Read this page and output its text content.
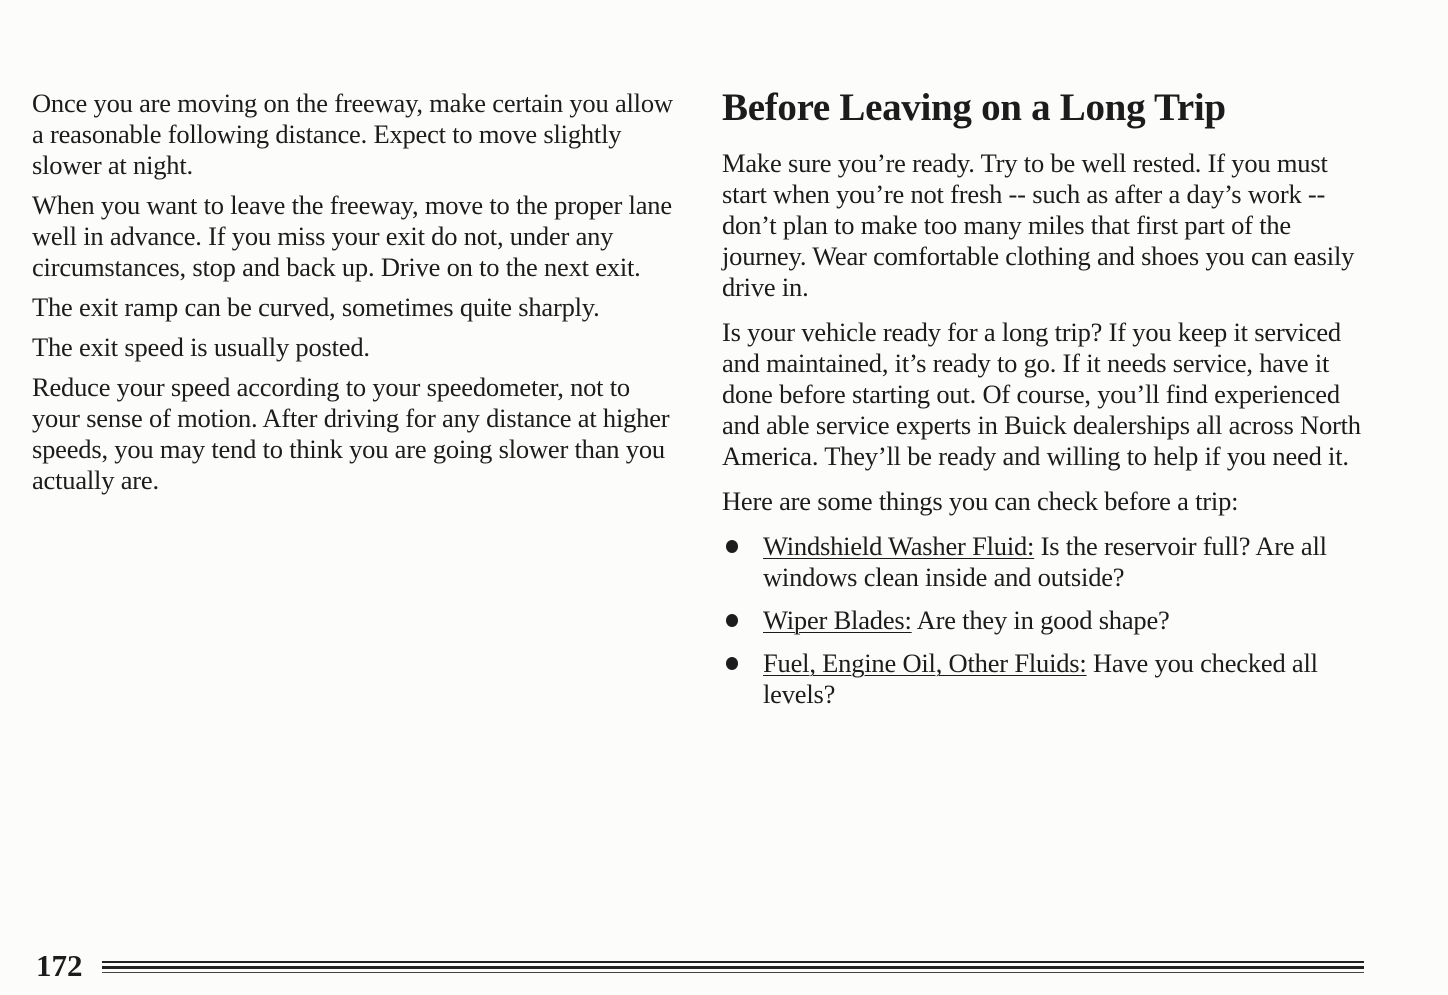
Once you are moving on the freeway, make certain you allow a reasonable following distance. Expect to move slightly slower at night.

When you want to leave the freeway, move to the proper lane well in advance. If you miss your exit do not, under any circumstances, stop and back up. Drive on to the next exit.

The exit ramp can be curved, sometimes quite sharply.

The exit speed is usually posted.

Reduce your speed according to your speedometer, not to your sense of motion. After driving for any distance at higher speeds, you may tend to think you are going slower than you actually are.

Before Leaving on a Long Trip

Make sure you’re ready. Try to be well rested. If you must start when you’re not fresh -- such as after a day’s work -- don’t plan to make too many miles that first part of the journey. Wear comfortable clothing and shoes you can easily drive in.

Is your vehicle ready for a long trip? If you keep it serviced and maintained, it’s ready to go. If it needs service, have it done before starting out. Of course, you’ll find experienced and able service experts in Buick dealerships all across North America. They’ll be ready and willing to help if you need it.

Here are some things you can check before a trip:

Windshield Washer Fluid: Is the reservoir full? Are all windows clean inside and outside?
Wiper Blades: Are they in good shape?
Fuel, Engine Oil, Other Fluids: Have you checked all levels?
172
